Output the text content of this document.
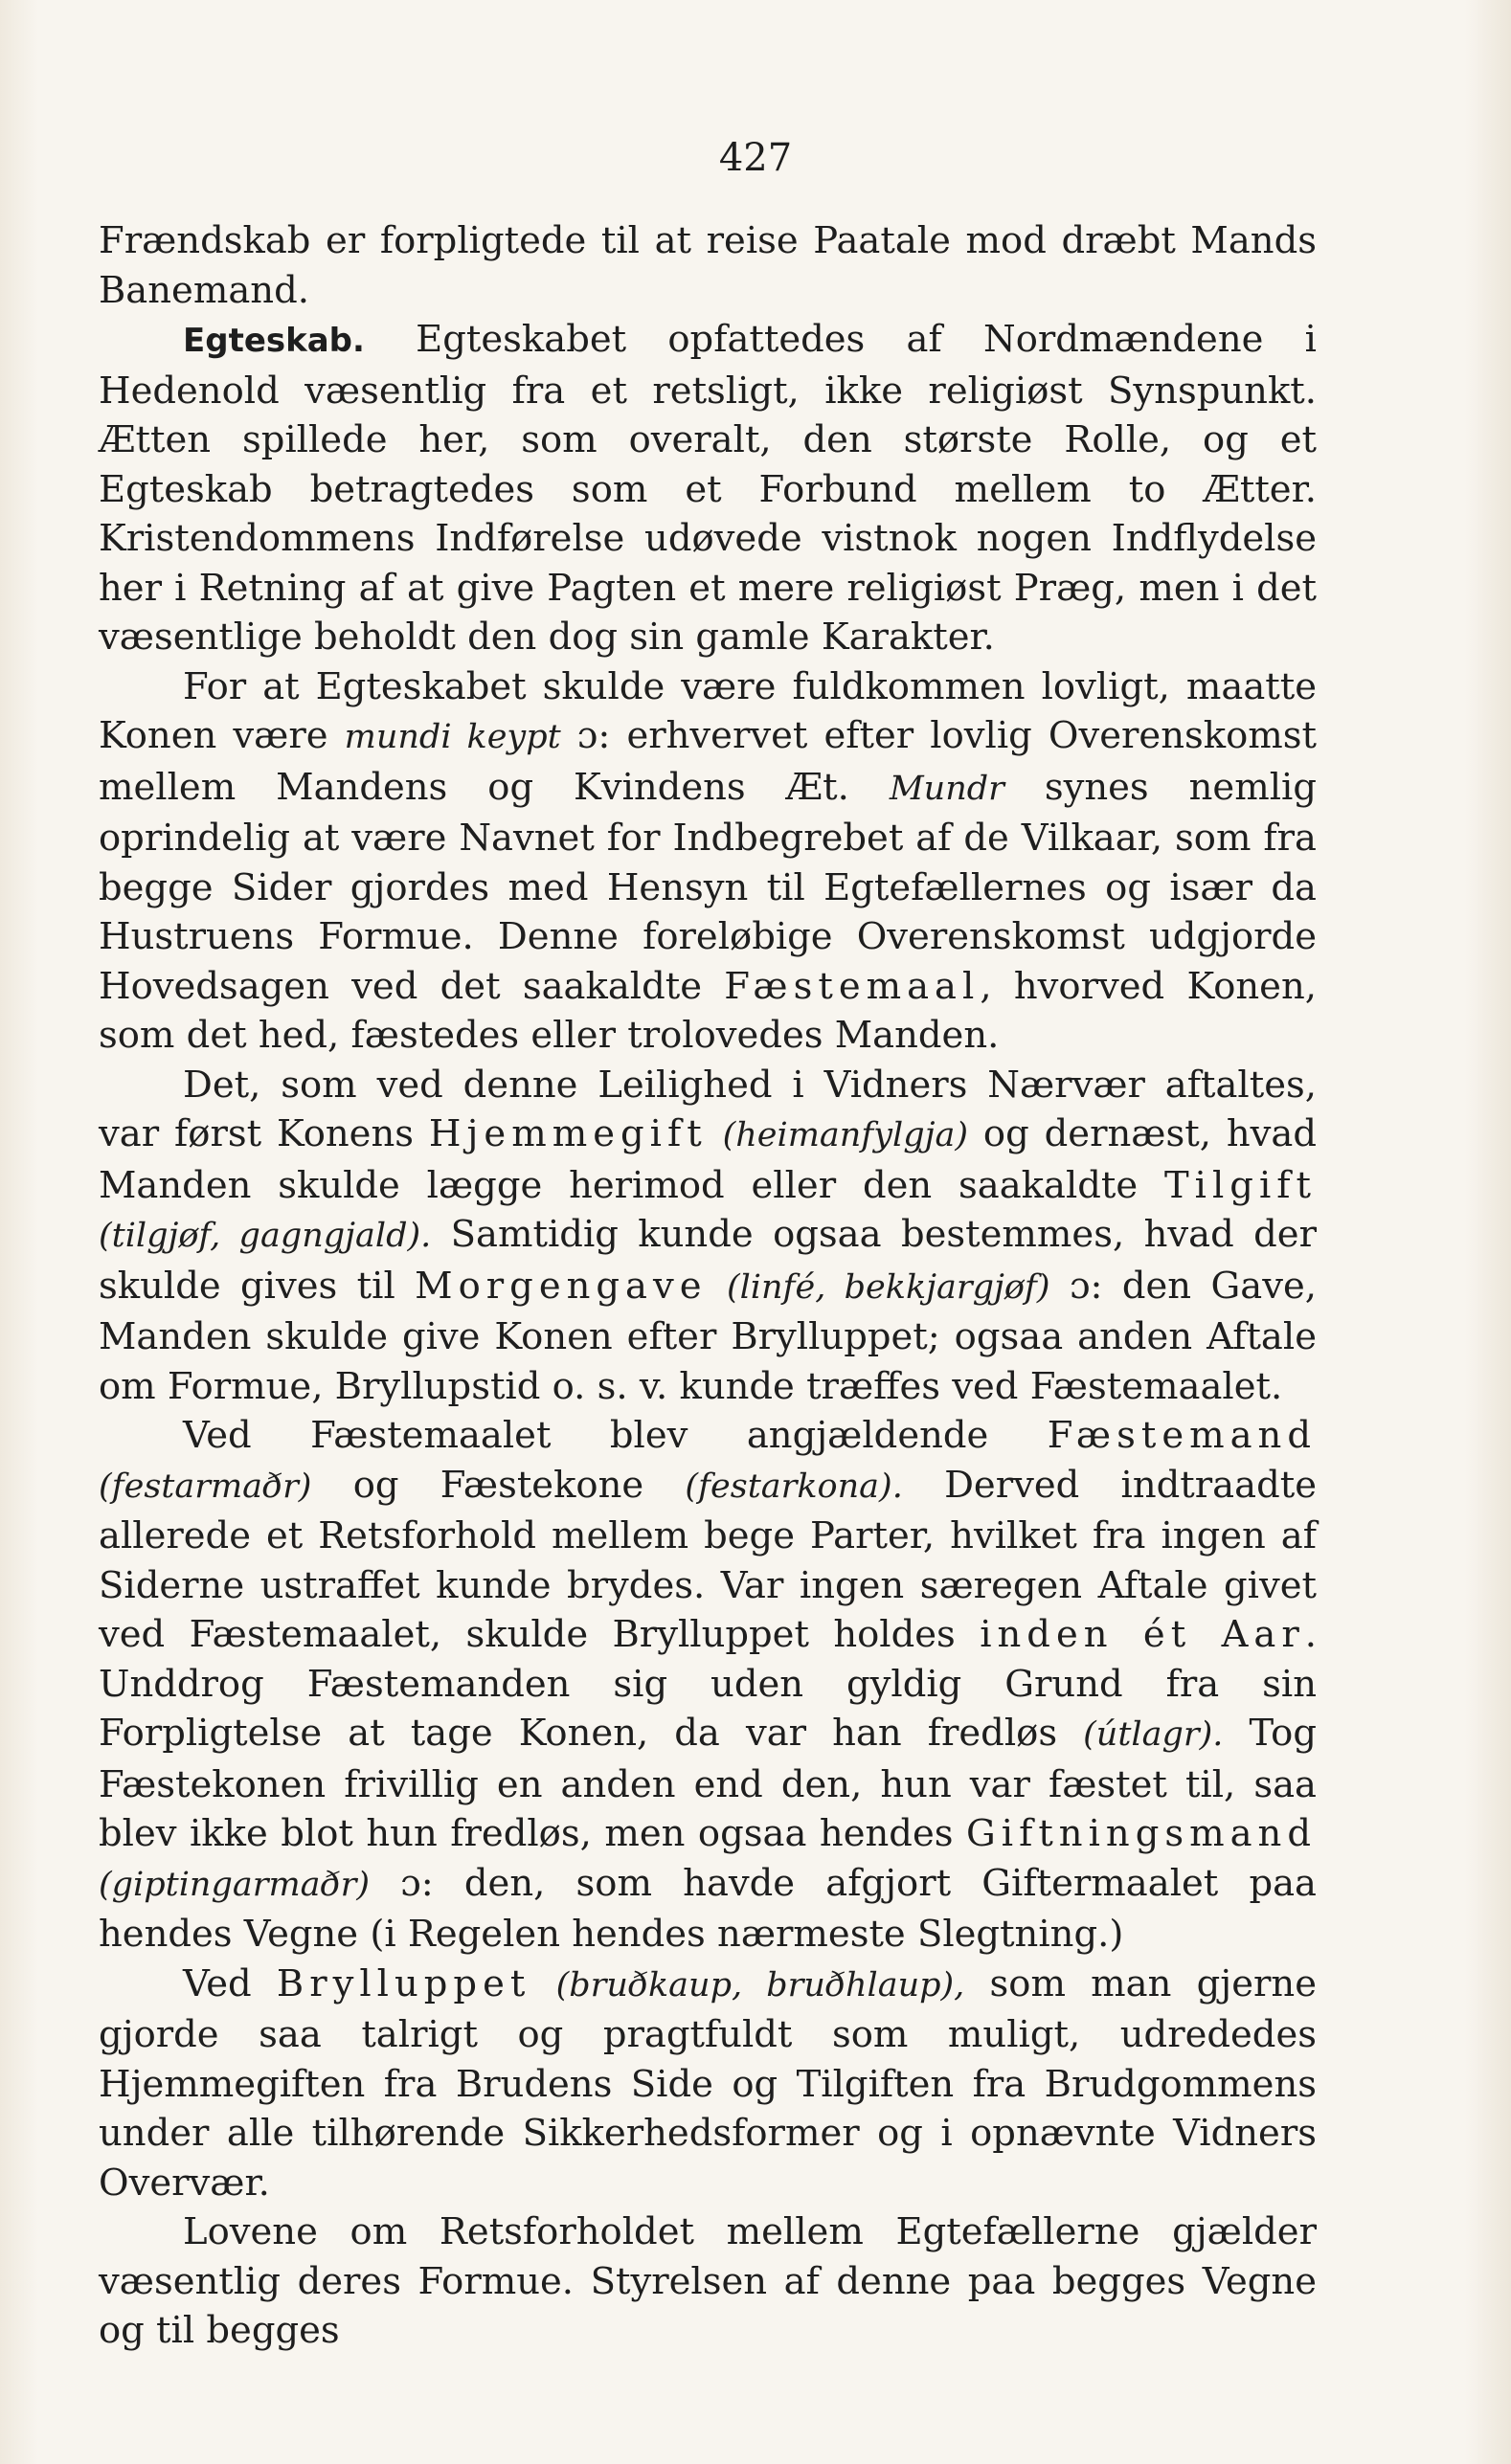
427

Frændskab er forpligtede til at reise Paatale mod dræbt Mands Banemand.

Egteskab. Egteskabet opfattedes af Nordmændene i Hedenold væsentlig fra et retsligt, ikke religiøst Synspunkt. Ætten spillede her, som overalt, den største Rolle, og et Egteskab betragtedes som et Forbund mellem to Ætter. Kristendommens Indførelse udøvede vistnok nogen Indflydelse her i Retning af at give Pagten et mere religiøst Præg, men i det væsentlige beholdt den dog sin gamle Karakter.

For at Egteskabet skulde være fuldkommen lovligt, maatte Konen være mundi keypt ɔ: erhvervet efter lovlig Overenskomst mellem Mandens og Kvindens Æt. Mundr synes nemlig oprindelig at være Navnet for Indbegrebet af de Vilkaar, som fra begge Sider gjordes med Hensyn til Egtefællernes og især da Hustruens Formue. Denne foreløbige Overenskomst udgjorde Hovedsagen ved det saakaldte Fæstemaal, hvorved Konen, som det hed, fæstedes eller trolovedes Manden.

Det, som ved denne Leilighed i Vidners Nærvær aftaltes, var først Konens Hjemmegift (heimanfylgja) og dernæst, hvad Manden skulde lægge herimod eller den saakaldte Tilgift (tilgjøf, gagngjald). Samtidig kunde ogsaa bestemmes, hvad der skulde gives til Morgengave (linfé, bekkjargjøf) ɔ: den Gave, Manden skulde give Konen efter Brylluppet; ogsaa anden Aftale om Formue, Bryllupstid o. s. v. kunde træffes ved Fæstemaalet.

Ved Fæstemaalet blev angjældende Fæstemand (festarmaðr) og Fæstekone (festarkona). Derved indtraadte allerede et Retsforhold mellem bege Parter, hvilket fra ingen af Siderne ustraffet kunde brydes. Var ingen særegen Aftale givet ved Fæstemaalet, skulde Brylluppet holdes inden ét Aar. Unddrog Fæstemanden sig uden gyldig Grund fra sin Forpligtelse at tage Konen, da var han fredløs (útlagr). Tog Fæstekonen frivillig en anden end den, hun var fæstet til, saa blev ikke blot hun fredløs, men ogsaa hendes Giftningsmand (giptingarmaðr) ɔ: den, som havde afgjort Giftermaalet paa hendes Vegne (i Regelen hendes nærmeste Slegtning.)

Ved Brylluppet (bruðkaup, bruðhlaup), som man gjerne gjorde saa talrigt og pragtfuldt som muligt, udrededes Hjemmegiften fra Brudens Side og Tilgiften fra Brudgommens under alle tilhørende Sikkerhedsformer og i opnævnte Vidners Overvær.

Lovene om Retsforholdet mellem Egtefællerne gjælder væsentlig deres Formue. Styrelsen af denne paa begges Vegne og til begges
